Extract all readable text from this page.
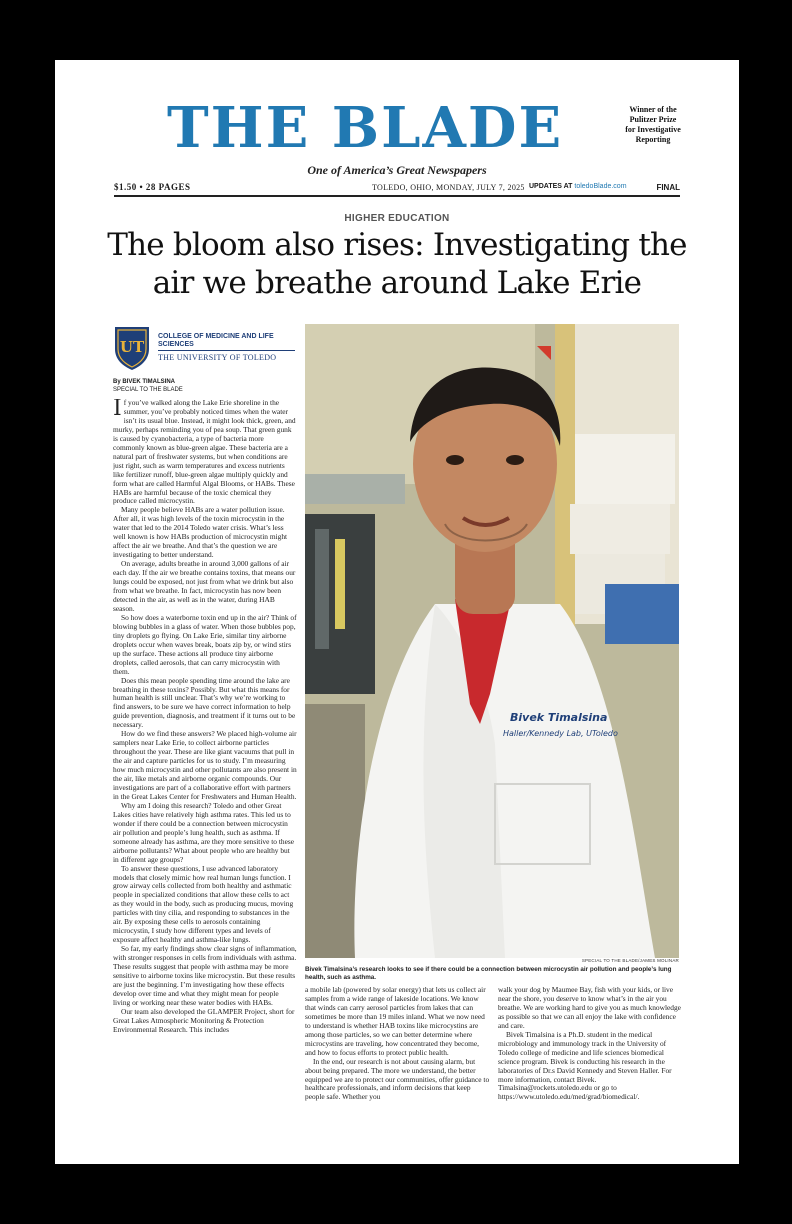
THE BLADE	Winner of the
Pulitzer Prize
for Investigative
Reporting
One of America’s Great Newspapers
$1.50 • 28 PAGES	TOLEDO, OHIO, MONDAY, JULY 7, 2025 UPDATES AT toledoBlade.com	FINAL
HIGHER EDUCATION
The bloom also rises: Investigating the air we breathe around Lake Erie
UT
COLLEGE OF MEDICINE AND LIFE SCIENCES
THE UNIVERSITY OF TOLEDO
By BIVEK TIMALSINA
SPECIAL TO THE BLADE

If you’ve walked along the Lake Erie shoreline in the summer, you’ve probably noticed times when the water isn’t its usual blue. Instead, it might look thick, green, and murky, perhaps reminding you of pea soup. That green gunk is caused by cyanobacteria, a type of bacteria more commonly known as blue-green algae. These bacteria are a natural part of freshwater systems, but when conditions are just right, such as warm temperatures and excess nutrients like fertilizer runoff, blue-green algae multiply quickly and form what are called Harmful Algal Blooms, or HABs. These HABs are harmful because of the toxic chemical they produce called microcystin.

Many people believe HABs are a water pollution issue. After all, it was high levels of the toxin microcystin in the water that led to the 2014 Toledo water crisis. What’s less well known is how HABs production of microcystin might affect the air we breathe. And that’s the question we are investigating to better understand.

On average, adults breathe in around 3,000 gallons of air each day. If the air we breathe contains toxins, that means our lungs could be exposed, not just from what we drink but also from what we breathe. In fact, microcystin has now been detected in the air, as well as in the water, during HAB season.

So how does a waterborne toxin end up in the air? Think of blowing bubbles in a glass of water. When those bubbles pop, tiny droplets go flying. On Lake Erie, similar tiny airborne droplets occur when waves break, boats zip by, or wind stirs up the surface. These actions all produce tiny airborne droplets, called aerosols, that can carry microcystin with them.

Does this mean people spending time around the lake are breathing in these toxins? Possibly. But what this means for human health is still unclear. That’s why we’re working to find answers, to be sure we have correct information to help guide prevention, diagnosis, and treatment if it turns out to be necessary.

How do we find these answers? We placed high-volume air samplers near Lake Erie, to collect airborne particles throughout the year. These are like giant vacuums that pull in the air and capture particles for us to study. I’m measuring how much microcystin and other pollutants are also present in the air, like metals and airborne organic compounds. Our investigations are part of a collaborative effort with partners in the Great Lakes Center for Freshwaters and Human Health.

Why am I doing this research? Toledo and other Great Lakes cities have relatively high asthma rates. This led us to wonder if there could be a connection between microcystin air pollution and people’s lung health, such as asthma. If someone already has asthma, are they more sensitive to these airborne pollutants? What about people who are healthy but in different age groups?

To answer these questions, I use advanced laboratory models that closely mimic how real human lungs function. I grow airway cells collected from both healthy and asthmatic people in specialized conditions that allow these cells to act as they would in the body, such as producing mucus, moving particles with tiny cilia, and responding to substances in the air. By exposing these cells to aerosols containing microcystin, I study how different types and levels of exposure affect healthy and asthma-like lungs.

So far, my early findings show clear signs of inflammation, with stronger responses in cells from individuals with asthma. These results suggest that people with asthma may be more sensitive to airborne toxins like microcystin. But these results are just the beginning. I’m investigating how these effects develop over time and what they might mean for people living or working near these water bodies with HABs.

Our team also developed the GLAMPER Project, short for Great Lakes Atmospheric Monitoring & Protection Environmental Research. This includes

Bivek Timalsina
Haller/Kennedy Lab, UToledo
SPECIAL TO THE BLADE/JAMES MOLINAR
Bivek Timalsina’s research looks to see if there could be a connection between microcystin air pollution and people’s lung health, such as asthma.

a mobile lab (powered by solar energy) that lets us collect air samples from a wide range of lakeside locations. We know that winds can carry aerosol particles from lakes that can sometimes be more than 19 miles inland. What we now need to understand is whether HAB toxins like microcystins are among those particles, so we can better determine where microcystins are traveling, how concentrated they become, and how to focus efforts to protect public health.

In the end, our research is not about causing alarm, but about being prepared. The more we understand, the better equipped we are to protect our communities, offer guidance to healthcare professionals, and inform decisions that keep people safe. Whether you

walk your dog by Maumee Bay, fish with your kids, or live near the shore, you deserve to know what’s in the air you breathe. We are working hard to give you as much knowledge as possible so that we can all enjoy the lake with confidence and care.

Bivek Timalsina is a Ph.D. student in the medical microbiology and immunology track in the University of Toledo college of medicine and life sciences biomedical science program. Bivek is conducting his research in the laboratories of Dr.s David Kennedy and Steven Haller. For more information, contact Bivek. Timalsina@rockets.utoledo.edu or go to https://www.utoledo.edu/med/grad/biomedical/.
